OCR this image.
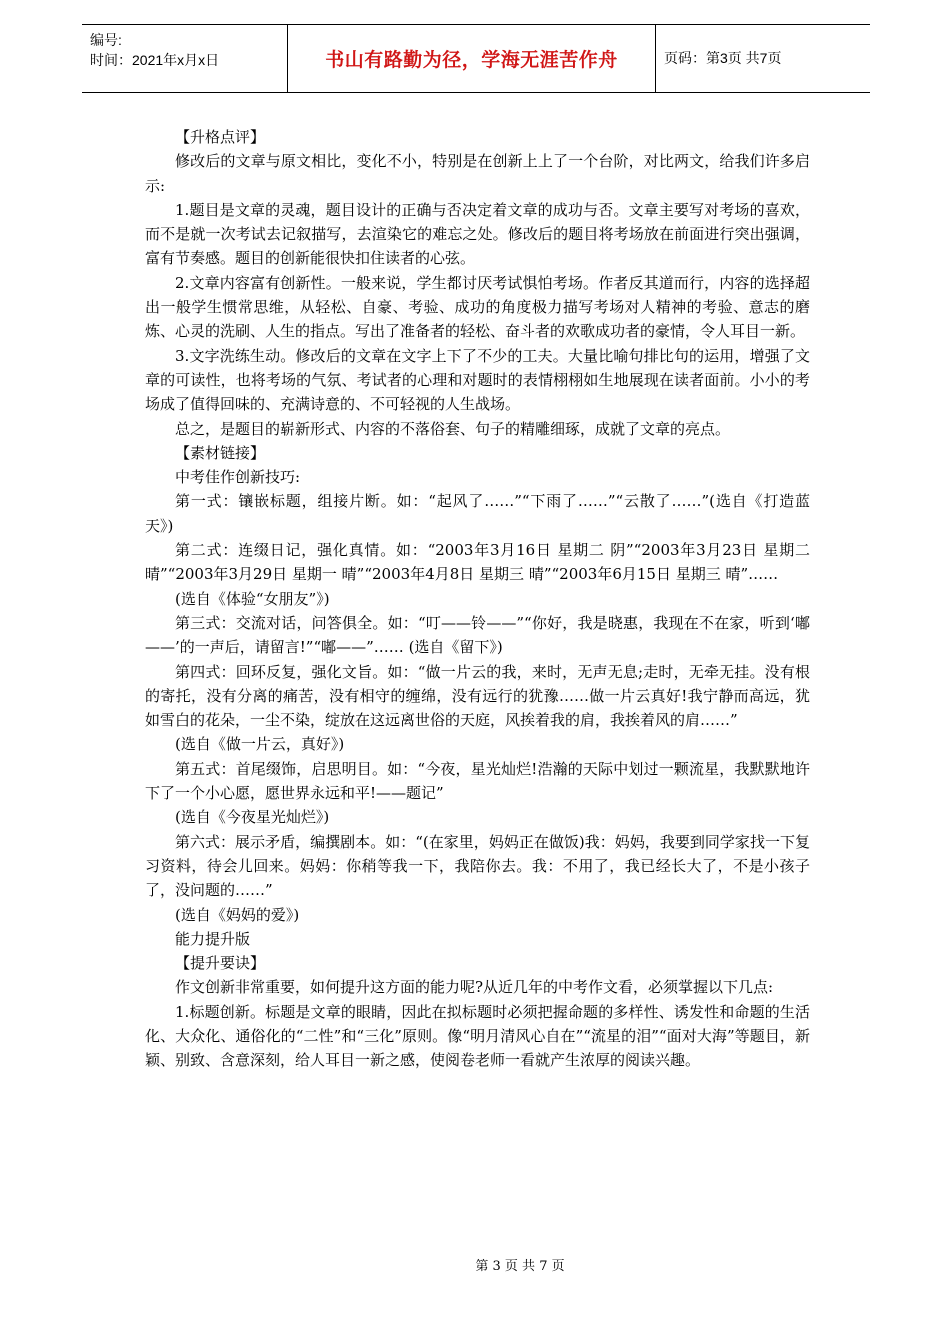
编号:
时间：2021年x月x日	书山有路勤为径，学海无涯苦作舟	页码：第3页 共7页

【升格点评】

修改后的文章与原文相比，变化不小，特别是在创新上上了一个台阶，对比两文，给我们许多启示:

1.题目是文章的灵魂，题目设计的正确与否决定着文章的成功与否。文章主要写对考场的喜欢，而不是就一次考试去记叙描写，去渲染它的难忘之处。修改后的题目将考场放在前面进行突出强调，富有节奏感。题目的创新能很快扣住读者的心弦。

2.文章内容富有创新性。一般来说，学生都讨厌考试惧怕考场。作者反其道而行，内容的选择超出一般学生惯常思维，从轻松、自豪、考验、成功的角度极力描写考场对人精神的考验、意志的磨炼、心灵的洗刷、人生的指点。写出了准备者的轻松、奋斗者的欢歌成功者的豪情，令人耳目一新。

3.文字洗练生动。修改后的文章在文字上下了不少的工夫。大量比喻句排比句的运用，增强了文章的可读性，也将考场的气氛、考试者的心理和对题时的表情栩栩如生地展现在读者面前。小小的考场成了值得回味的、充满诗意的、不可轻视的人生战场。

总之，是题目的崭新形式、内容的不落俗套、句子的精雕细琢，成就了文章的亮点。

【素材链接】

中考佳作创新技巧:

第一式：镶嵌标题，组接片断。如：“起风了……”“下雨了……”“云散了……”(选自《打造蓝天》)

第二式：连缀日记，强化真情。如：“2003年3月16日 星期二 阴”“2003年3月23日 星期二 晴”“2003年3月29日 星期一 晴”“2003年4月8日 星期三 晴”“2003年6月15日 星期三 晴”……

(选自《体验“女朋友”》)

第三式：交流对话，问答俱全。如：“叮——铃——”“你好，我是晓惠，我现在不在家，听到‘嘟——’的一声后，请留言!”“嘟——”…… (选自《留下》)

第四式：回环反复，强化文旨。如：“做一片云的我，来时，无声无息;走时，无牵无挂。没有根的寄托，没有分离的痛苦，没有相守的缠绵，没有远行的犹豫……做一片云真好!我宁静而高远，犹如雪白的花朵，一尘不染，绽放在这远离世俗的天庭，风挨着我的肩，我挨着风的肩……”

(选自《做一片云，真好》)

第五式：首尾缀饰，启思明目。如：“今夜，星光灿烂!浩瀚的天际中划过一颗流星，我默默地许下了一个小心愿，愿世界永远和平!——题记”

(选自《今夜星光灿烂》)

第六式：展示矛盾，编撰剧本。如：“(在家里，妈妈正在做饭)我：妈妈，我要到同学家找一下复习资料，待会儿回来。妈妈：你稍等我一下，我陪你去。我：不用了，我已经长大了，不是小孩子了，没问题的……”

(选自《妈妈的爱》)

能力提升版

【提升要诀】

作文创新非常重要，如何提升这方面的能力呢?从近几年的中考作文看，必须掌握以下几点:

1.标题创新。标题是文章的眼睛，因此在拟标题时必须把握命题的多样性、诱发性和命题的生活化、大众化、通俗化的“二性”和“三化”原则。像“明月清风心自在”“流星的泪”“面对大海”等题目，新颖、别致、含意深刻，给人耳目一新之感，使阅卷老师一看就产生浓厚的阅读兴趣。

第 3 页 共 7 页
